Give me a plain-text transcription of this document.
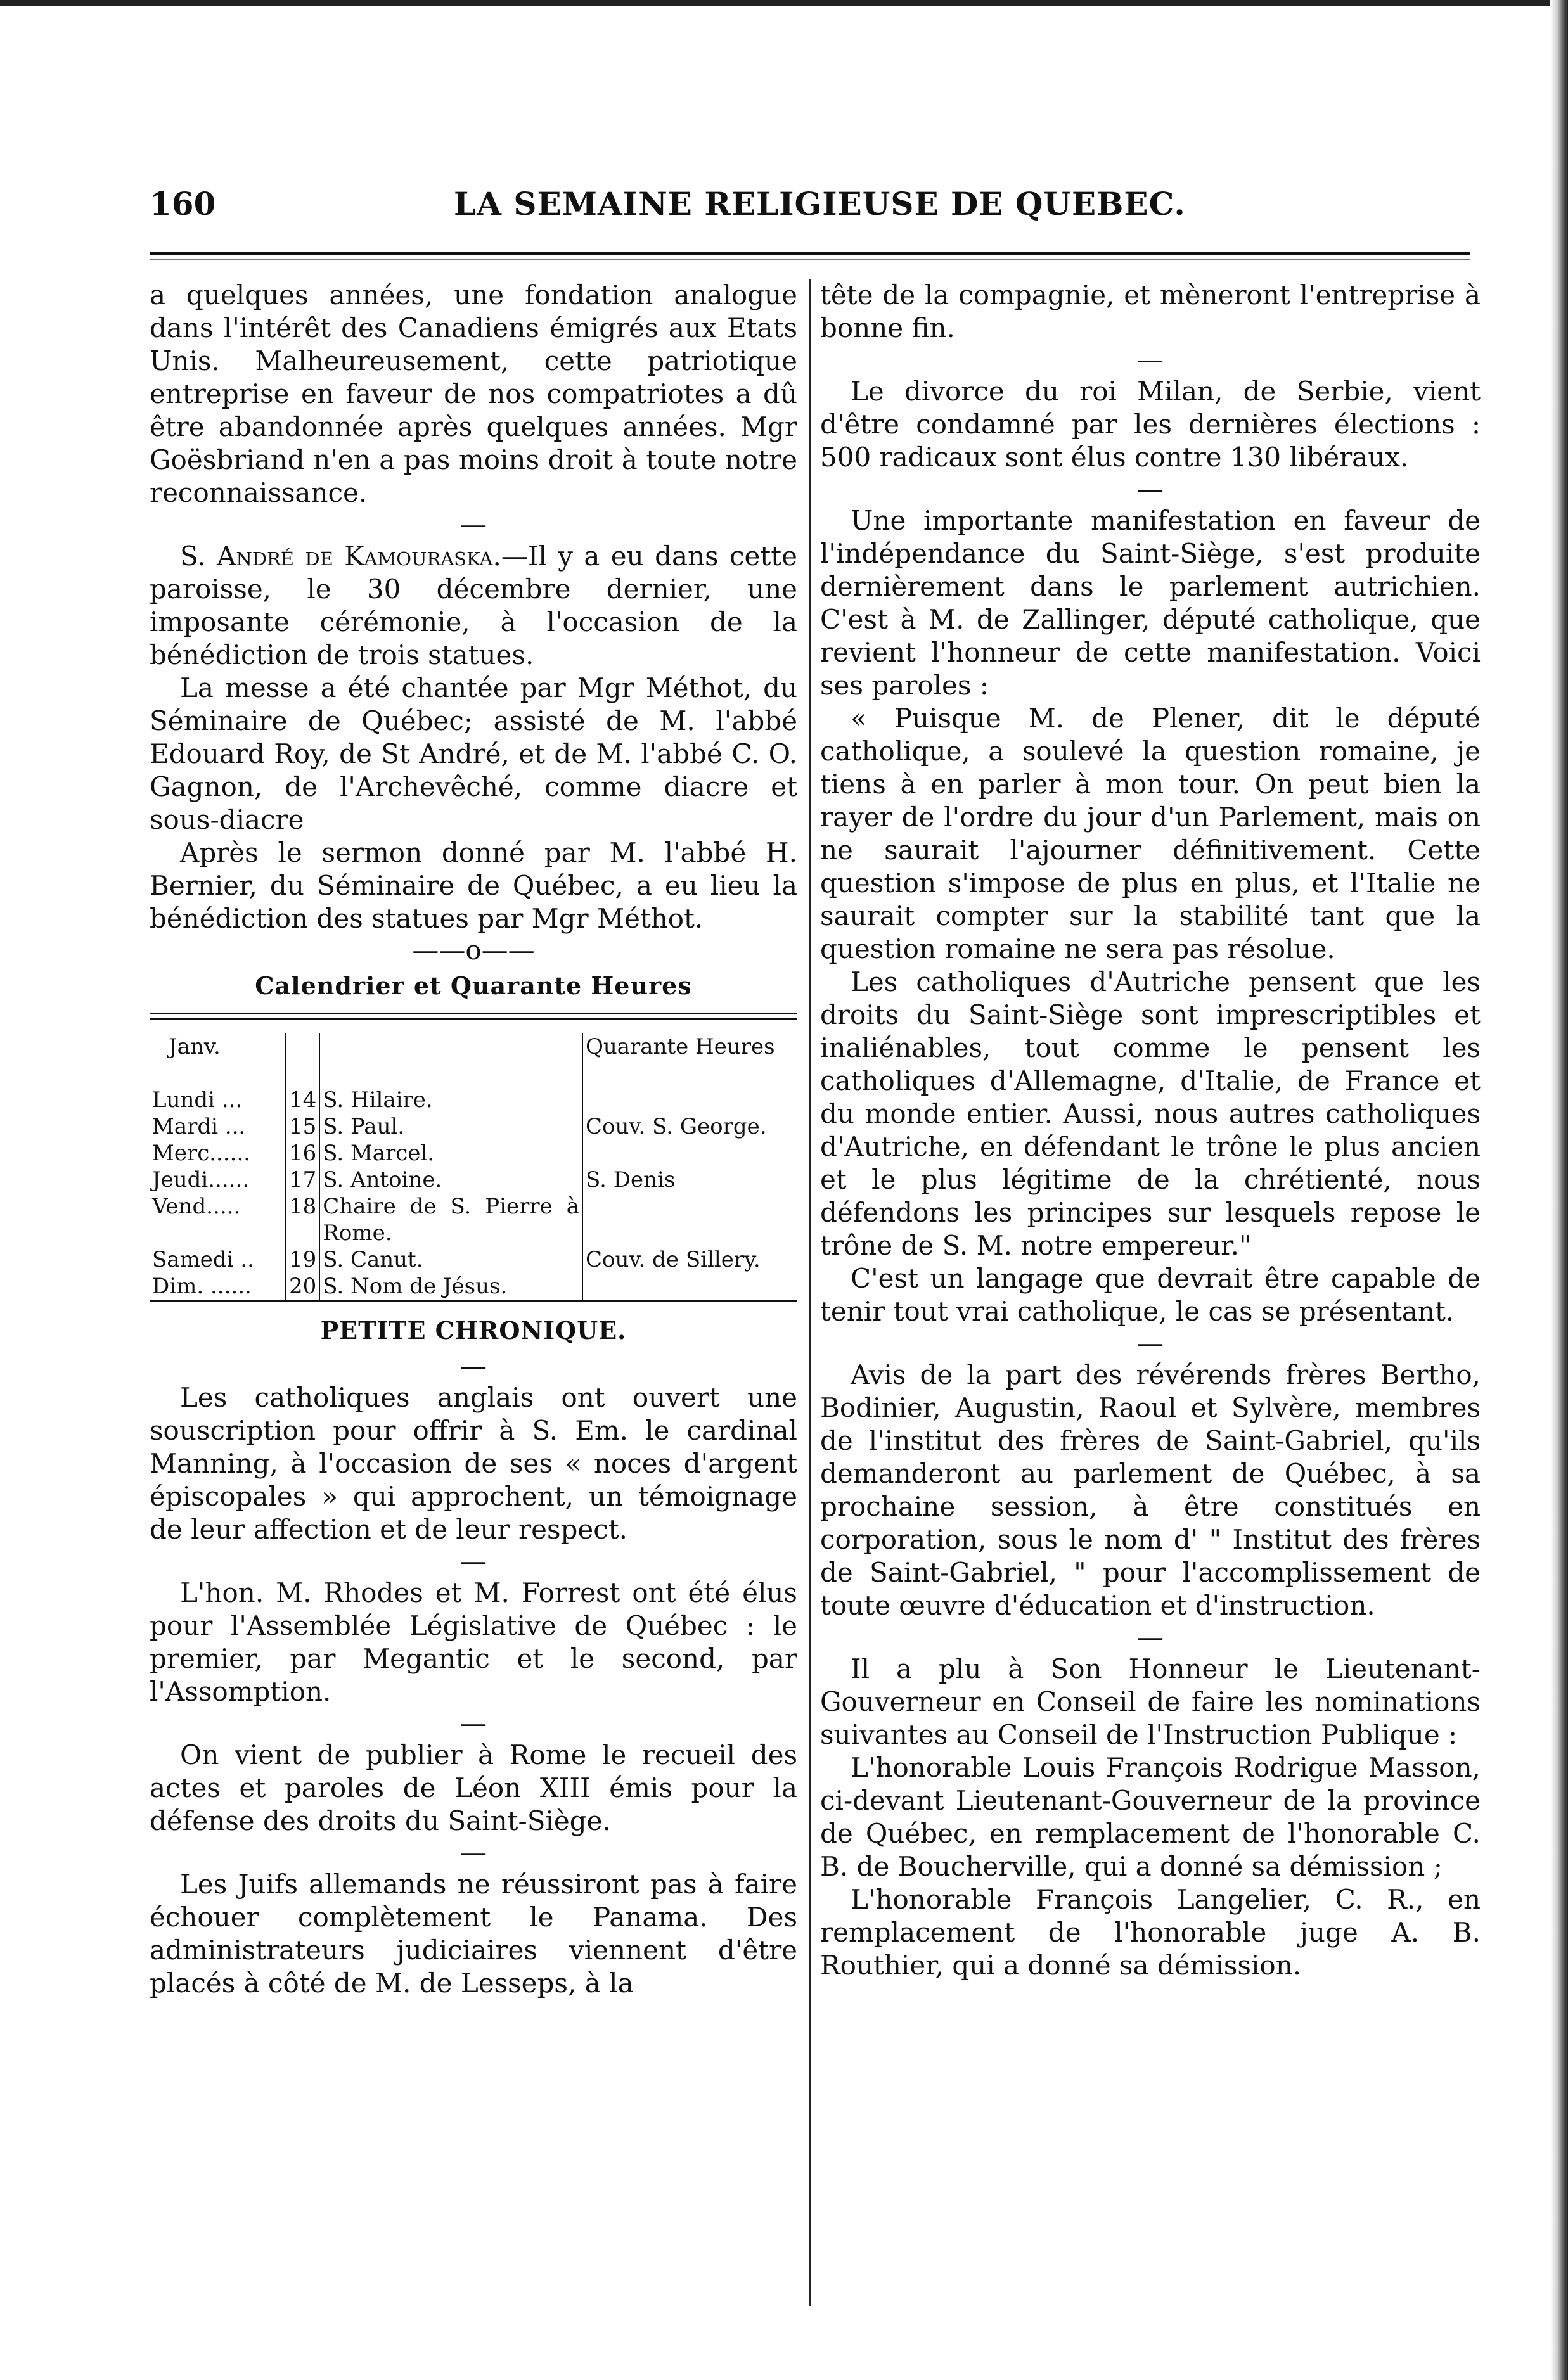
160	LA SEMAINE RELIGIEUSE DE QUEBEC.

a quelques années, une fondation analogue dans l'intérêt des Canadiens émigrés aux Etats Unis. Malheureusement, cette patriotique entreprise en faveur de nos compatriotes a dû être abandonnée après quelques années. Mgr Goësbriand n'en a pas moins droit à toute notre reconnaissance.

—

S. André de Kamouraska.—Il y a eu dans cette paroisse, le 30 décembre dernier, une imposante cérémonie, à l'occasion de la bénédiction de trois statues.

La messe a été chantée par Mgr Méthot, du Séminaire de Québec; assisté de M. l'abbé Edouard Roy, de St André, et de M. l'abbé C. O. Gagnon, de l'Archevêché, comme diacre et sous-diacre

Après le sermon donné par M. l'abbé H. Bernier, du Séminaire de Québec, a eu lieu la bénédiction des statues par Mgr Méthot.

——o——

Calendrier et Quarante Heures

Janv.			Quarante Heures

Lundi ...	14	S. Hilaire.	
Mardi ...	15	S. Paul.	Couv. S. George.
Merc......	16	S. Marcel.	
Jeudi......	17	S. Antoine.	S. Denis
Vend.....	18	Chaire de S. Pierre à Rome.	
Samedi ..	19	S. Canut.	Couv. de Sillery.
Dim. ......	20	S. Nom de Jésus.	

PETITE CHRONIQUE.

—

Les catholiques anglais ont ouvert une souscription pour offrir à S. Em. le cardinal Manning, à l'occasion de ses « noces d'argent épiscopales » qui approchent, un témoignage de leur affection et de leur respect.

—

L'hon. M. Rhodes et M. Forrest ont été élus pour l'Assemblée Législative de Québec : le premier, par Megantic et le second, par l'Assomption.

—

On vient de publier à Rome le recueil des actes et paroles de Léon XIII émis pour la défense des droits du Saint-Siège.

—

Les Juifs allemands ne réussiront pas à faire échouer complètement le Panama. Des administrateurs judiciaires viennent d'être placés à côté de M. de Lesseps, à la

tête de la compagnie, et mèneront l'entreprise à bonne fin.

—

Le divorce du roi Milan, de Serbie, vient d'être condamné par les dernières élections : 500 radicaux sont élus contre 130 libéraux.

—

Une importante manifestation en faveur de l'indépendance du Saint-Siège, s'est produite dernièrement dans le parlement autrichien. C'est à M. de Zallinger, député catholique, que revient l'honneur de cette manifestation. Voici ses paroles :

« Puisque M. de Plener, dit le député catholique, a soulevé la question romaine, je tiens à en parler à mon tour. On peut bien la rayer de l'ordre du jour d'un Parlement, mais on ne saurait l'ajourner définitivement. Cette question s'impose de plus en plus, et l'Italie ne saurait compter sur la stabilité tant que la question romaine ne sera pas résolue.

Les catholiques d'Autriche pensent que les droits du Saint-Siège sont imprescriptibles et inaliénables, tout comme le pensent les catholiques d'Allemagne, d'Italie, de France et du monde entier. Aussi, nous autres catholiques d'Autriche, en défendant le trône le plus ancien et le plus légitime de la chrétienté, nous défendons les principes sur lesquels repose le trône de S. M. notre empereur."

C'est un langage que devrait être capable de tenir tout vrai catholique, le cas se présentant.

—

Avis de la part des révérends frères Bertho, Bodinier, Augustin, Raoul et Sylvère, membres de l'institut des frères de Saint-Gabriel, qu'ils demanderont au parlement de Québec, à sa prochaine session, à être constitués en corporation, sous le nom d' " Institut des frères de Saint-Gabriel, " pour l'accomplissement de toute œuvre d'éducation et d'instruction.

—

Il a plu à Son Honneur le Lieutenant-Gouverneur en Conseil de faire les nominations suivantes au Conseil de l'Instruction Publique :

L'honorable Louis François Rodrigue Masson, ci-devant Lieutenant-Gouverneur de la province de Québec, en remplacement de l'honorable C. B. de Boucherville, qui a donné sa démission ;

L'honorable François Langelier, C. R., en remplacement de l'honorable juge A. B. Routhier, qui a donné sa démission.
